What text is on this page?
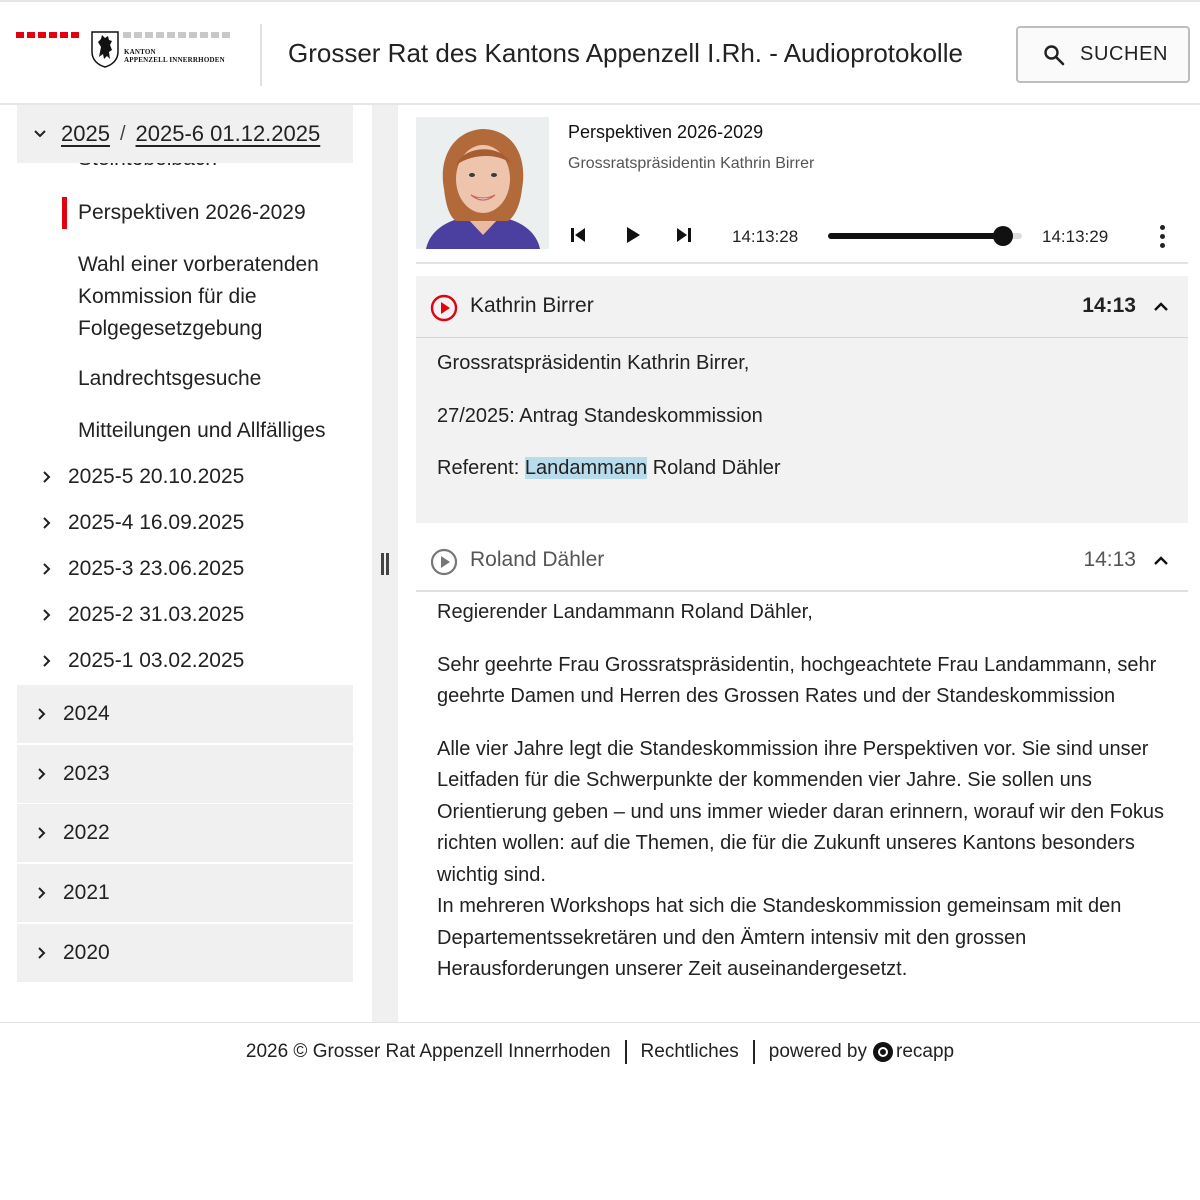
KANTON
APPENZELL INNERRHODEN Grosser Rat des Kantons Appenzell I.Rh. - Audioprotokolle	SUCHEN
2025 / 2025-6 01.12.2025
Perspektiven 2026-2029
Wahl einer vorberatenden Kommission für die Folgegesetzgebung
Landrechtsgesuche
Mitteilungen und Allfälliges
2025-5 20.10.2025
2025-4 16.09.2025
2025-3 23.06.2025
2025-2 31.03.2025
2025-1 03.02.2025
2024
2023
2022
2021
2020
Perspektiven 2026-2029
Grossratspräsidentin Kathrin Birrer
14:13:28	14:13:29
Kathrin Birrer	14:13

Grossratspräsidentin Kathrin Birrer,

27/2025: Antrag Standeskommission

Referent: Landammann Roland Dähler

Roland Dähler	14:13

Regierender Landammann Roland Dähler,

Sehr geehrte Frau Grossratspräsidentin, hochgeachtete Frau Landammann, sehr geehrte Damen und Herren des Grossen Rates und der Standeskommission

Alle vier Jahre legt die Standeskommission ihre Perspektiven vor. Sie sind unser Leitfaden für die Schwerpunkte der kommenden vier Jahre. Sie sollen uns Orientierung geben – und uns immer wieder daran erinnern, worauf wir den Fokus richten wollen: auf die Themen, die für die Zukunft unseres Kantons besonders wichtig sind.

In mehreren Workshops hat sich die Standeskommission gemeinsam mit den Departementssekretären und den Ämtern intensiv mit den grossen Herausforderungen unserer Zeit auseinandergesetzt.

2026 © Grosser Rat Appenzell Innerrhoden Rechtliches powered by recapp
